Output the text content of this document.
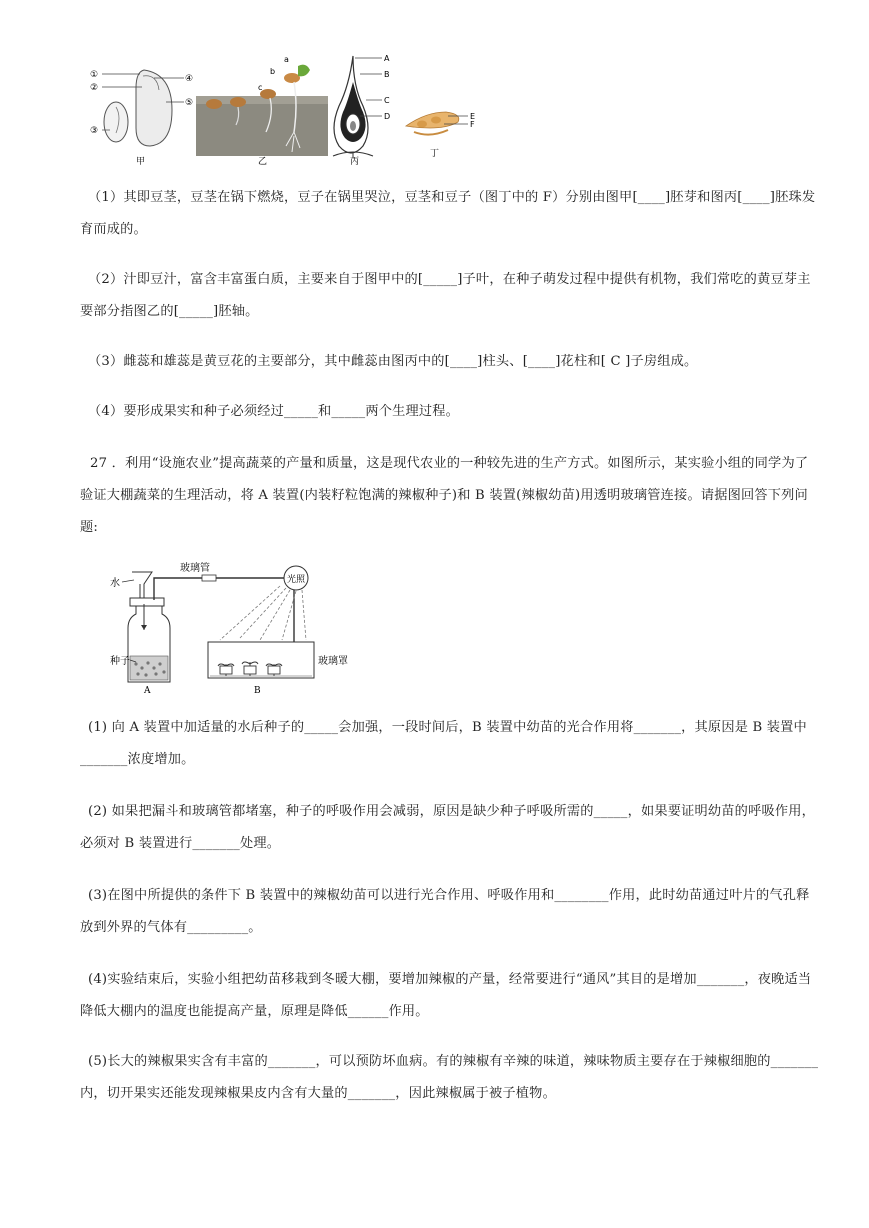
①
②
③
④
⑤
甲
a
b
c
乙
A
B
C
D
丙
E
F
丁
（1）其即豆茎，豆茎在锅下燃烧，豆子在锅里哭泣，豆茎和豆子（图丁中的 F）分别由图甲[____]胚芽和图丙[____]胚珠发育而成的。
（2）汁即豆汁，富含丰富蛋白质，主要来自于图甲中的[_____]子叶，在种子萌发过程中提供有机物，我们常吃的黄豆芽主要部分指图乙的[_____]胚轴。
（3）雌蕊和雄蕊是黄豆花的主要部分，其中雌蕊由图丙中的[____]柱头、[____]花柱和[ C ]子房组成。
（4）要形成果实和种子必须经过_____和_____两个生理过程。
27 ．利用“设施农业”提高蔬菜的产量和质量，这是现代农业的一种较先进的生产方式。如图所示，某实验小组的同学为了验证大棚蔬菜的生理活动，将 A 装置(内装籽粒饱满的辣椒种子)和 B 装置(辣椒幼苗)用透明玻璃管连接。请据图回答下列问题:
水
玻璃管
光照
种子	玻璃罩
A	B
(1) 向 A 装置中加适量的水后种子的_____会加强，一段时间后，B 装置中幼苗的光合作用将_______，其原因是 B 装置中_______浓度增加。
(2) 如果把漏斗和玻璃管都堵塞，种子的呼吸作用会减弱，原因是缺少种子呼吸所需的_____，如果要证明幼苗的呼吸作用，必须对 B 装置进行_______处理。
(3)在图中所提供的条件下 B 装置中的辣椒幼苗可以进行光合作用、呼吸作用和________作用，此时幼苗通过叶片的气孔释放到外界的气体有_________。
(4)实验结束后，实验小组把幼苗移栽到冬暖大棚，要增加辣椒的产量，经常要进行“通风”其目的是增加_______，夜晚适当降低大棚内的温度也能提高产量，原理是降低______作用。
(5)长大的辣椒果实含有丰富的_______，可以预防坏血病。有的辣椒有辛辣的味道，辣味物质主要存在于辣椒细胞的_______内，切开果实还能发现辣椒果皮内含有大量的_______，因此辣椒属于被子植物。
